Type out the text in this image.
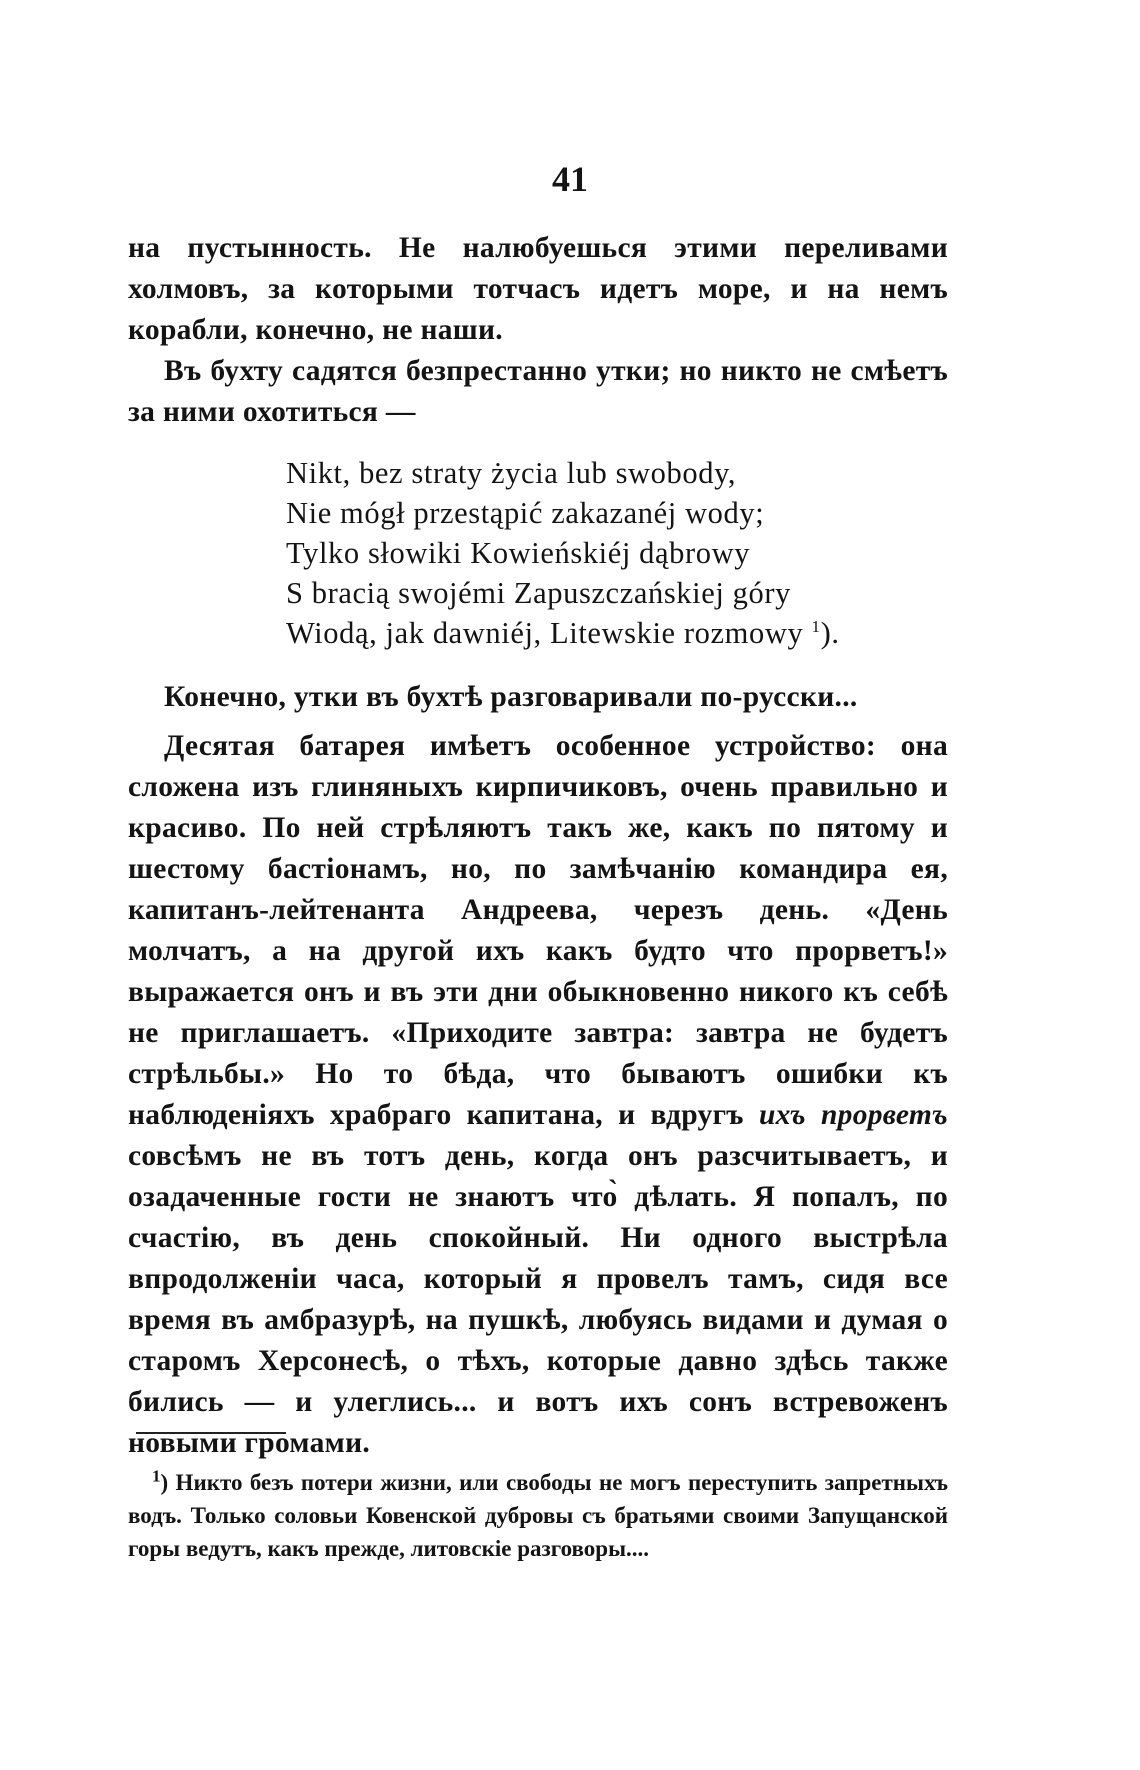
41

на пустынность. Не налюбуешься этими переливами холмовъ, за которыми тотчасъ идетъ море, и на немъ корабли, конечно, не наши.

Въ бухту садятся безпрестанно утки; но никто не смѣетъ за ними охотиться —

Nikt, bez straty życia lub swobody,
Nie mógł przestąpić zakazanéj wody;
Tylko słowiki Kowieńskiéj dąbrowy
S bracią swojémi Zapuszczańskiej góry
Wiodą, jak dawniéj, Litewskie rozmowy $^1$).

Конечно, утки въ бухтѣ разговаривали по-русски...

Десятая батарея имѣетъ особенное устройство: она сложена изъ глиняныхъ кирпичиковъ, очень правильно и красиво. По ней стрѣляютъ такъ же, какъ по пятому и шестому бастіонамъ, но, по замѣчанію командира ея, капитанъ-лейтенанта Андреева, черезъ день. «День молчатъ, а на другой ихъ какъ будто что прорветъ!» выражается онъ и въ эти дни обыкновенно никого къ себѣ не приглашаетъ. «Приходите завтра: завтра не будетъ стрѣльбы.» Но то бѣда, что бываютъ ошибки къ наблюденіяхъ храбраго капитана, и вдругъ ихъ прорветъ совсѣмъ не въ тотъ день, когда онъ разсчитываетъ, и озадаченные гости не знаютъ что̀ дѣлать. Я попалъ, по счастію, въ день спокойный. Ни одного выстрѣла впродолженіи часа, который я провелъ тамъ, сидя все время въ амбразурѣ, на пушкѣ, любуясь видами и думая о старомъ Херсонесѣ, о тѣхъ, которые давно здѣсь также бились — и улеглись... и вотъ ихъ сонъ встревоженъ новыми громами.

$^1$) Никто безъ потери жизни, или свободы не могъ переступить запретныхъ водъ. Только соловьи Ковенской дубровы съ братьями своими Запущанской горы ведутъ, какъ прежде, литовскіе разговоры....
